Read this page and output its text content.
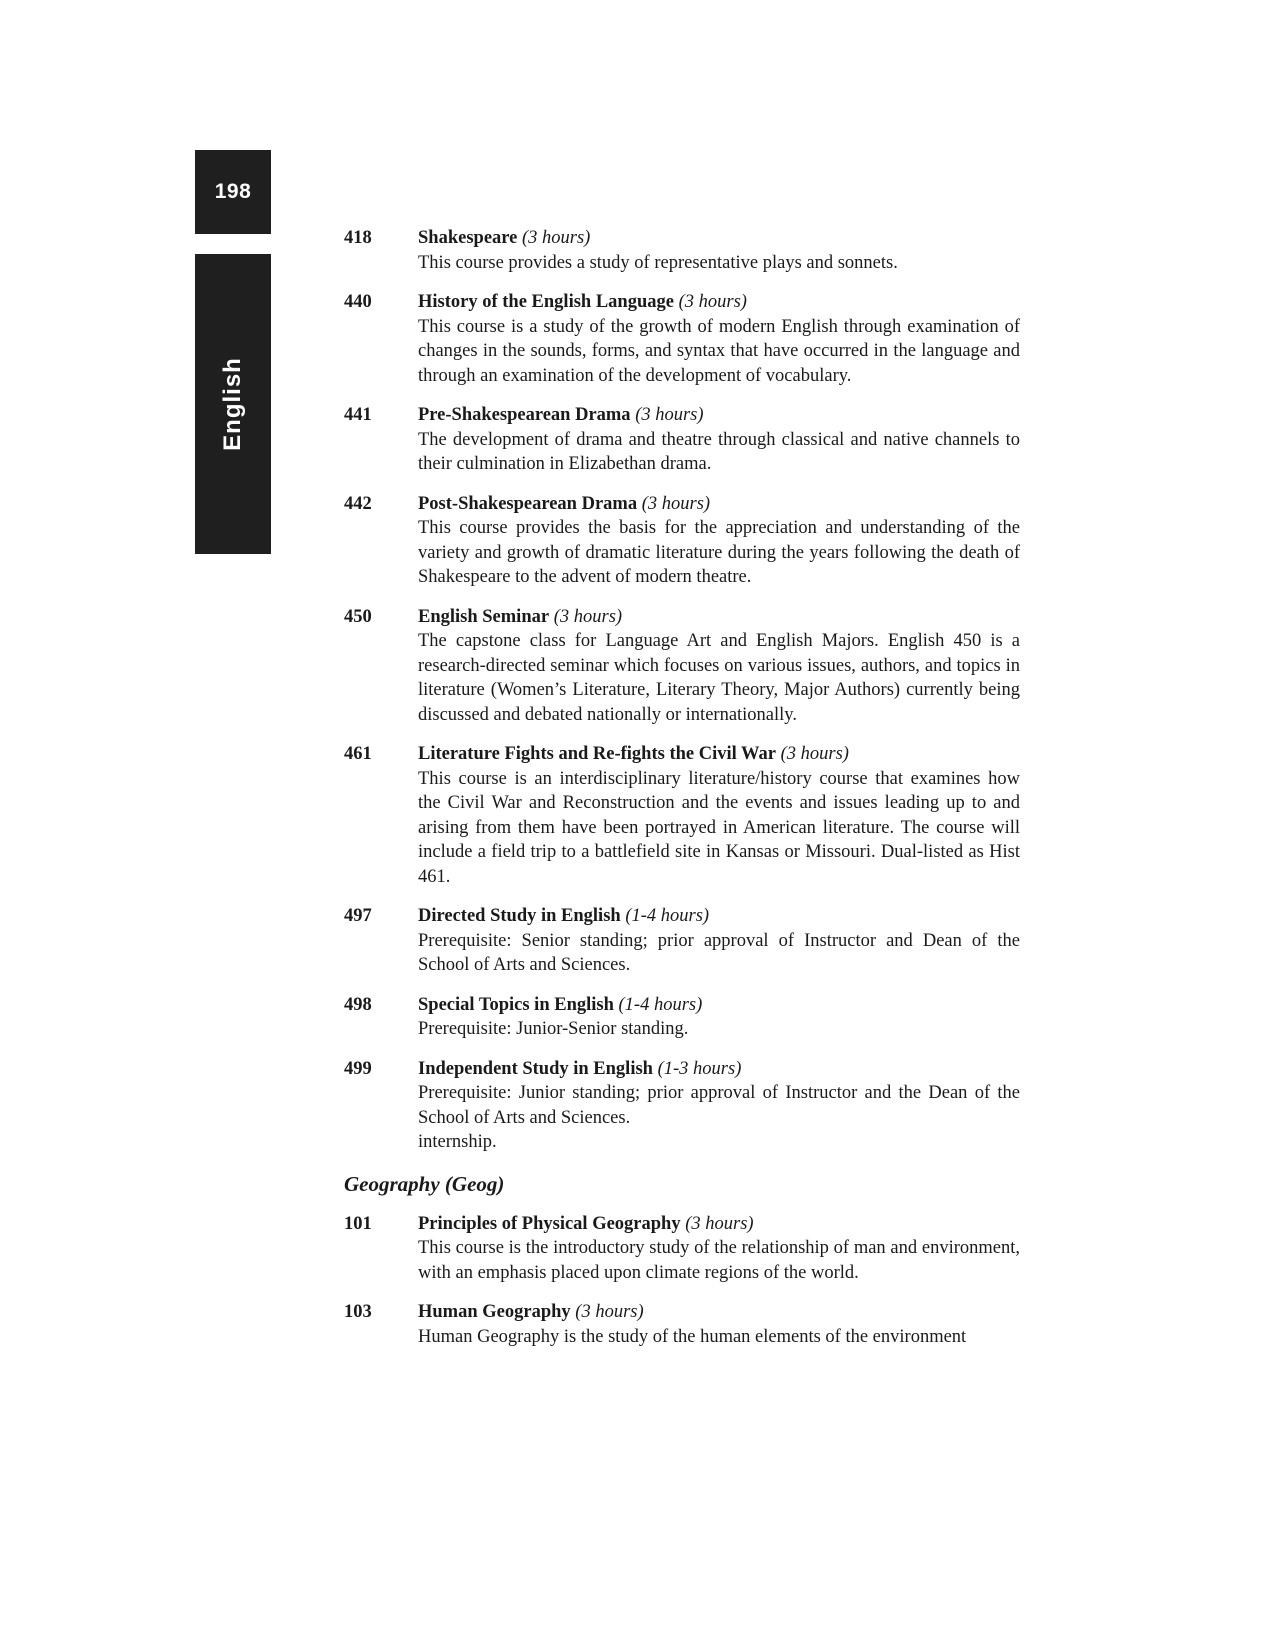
198
English
418	Shakespeare (3 hours)

This course provides a study of representative plays and sonnets.

440	History of the English Language (3 hours)

This course is a study of the growth of modern English through examination of changes in the sounds, forms, and syntax that have occurred in the language and through an examination of the development of vocabulary.

441	Pre-Shakespearean Drama (3 hours)

The development of drama and theatre through classical and native channels to their culmination in Elizabethan drama.

442	Post-Shakespearean Drama (3 hours)

This course provides the basis for the appreciation and understanding of the variety and growth of dramatic literature during the years following the death of Shakespeare to the advent of modern theatre.

450	English Seminar (3 hours)

The capstone class for Language Art and English Majors. English 450 is a research-directed seminar which focuses on various issues, authors, and topics in literature (Women’s Literature, Literary Theory, Major Authors) currently being discussed and debated nationally or internationally.

461	Literature Fights and Re-fights the Civil War (3 hours)

This course is an interdisciplinary literature/history course that examines how the Civil War and Reconstruction and the events and issues leading up to and arising from them have been portrayed in American literature. The course will include a field trip to a battlefield site in Kansas or Missouri. Dual-listed as Hist 461.

497	Directed Study in English (1-4 hours)

Prerequisite: Senior standing; prior approval of Instructor and Dean of the School of Arts and Sciences.

498	Special Topics in English (1-4 hours)

Prerequisite: Junior-Senior standing.

499	Independent Study in English (1-3 hours)

Prerequisite: Junior standing; prior approval of Instructor and the Dean of the School of Arts and Sciences.

internship.

Geography (Geog)
101	Principles of Physical Geography (3 hours)

This course is the introductory study of the relationship of man and environment, with an emphasis placed upon climate regions of the world.

103	Human Geography (3 hours)

Human Geography is the study of the human elements of the environment
